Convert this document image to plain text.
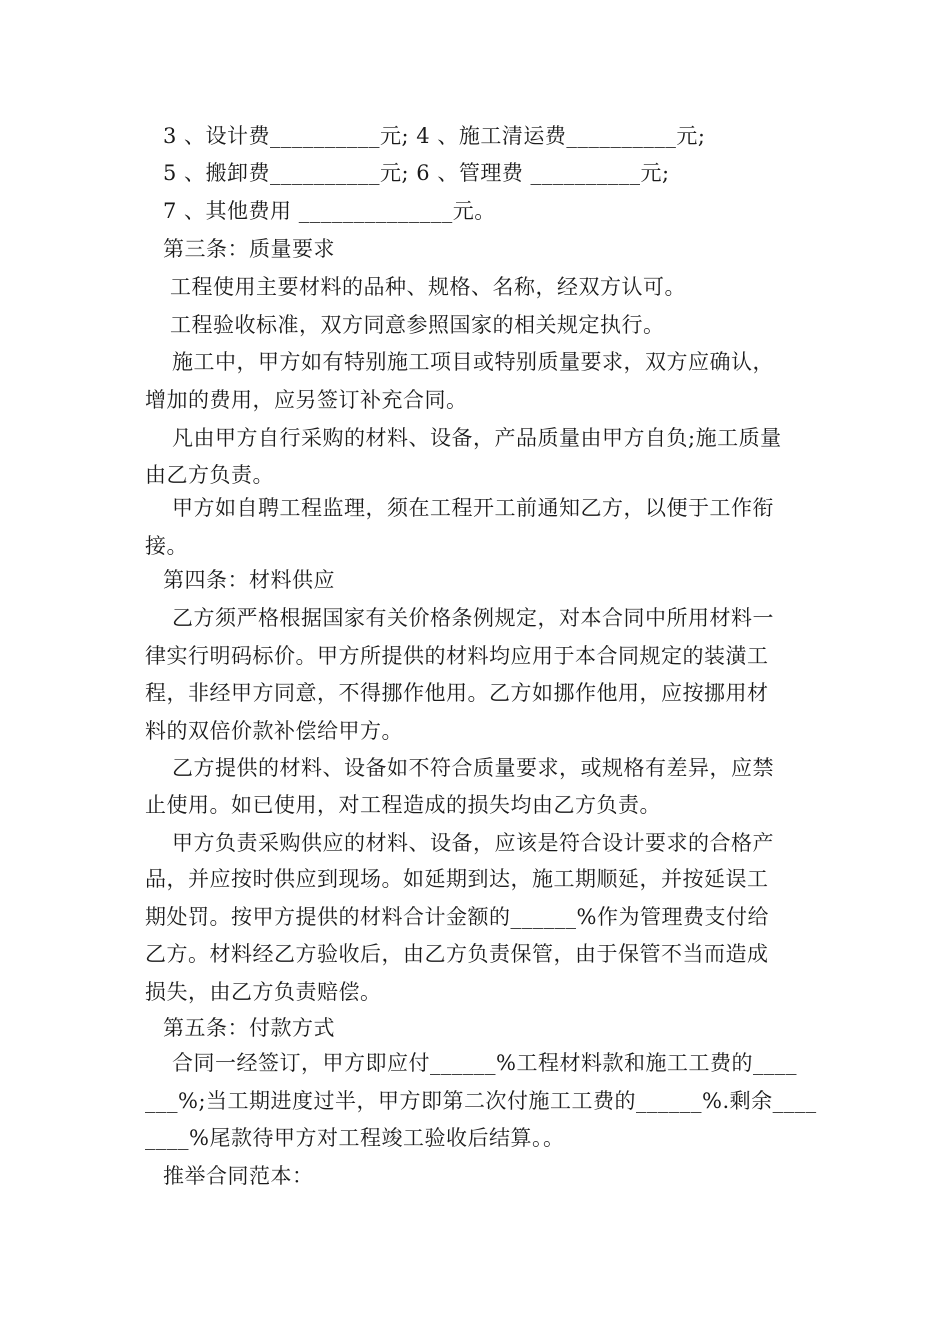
3 、设计费__________元; 4 、施工清运费__________元;
5 、搬卸费__________元; 6 、管理费 __________元;
7 、其他费用 ______________元。
第三条：质量要求
工程使用主要材料的品种、规格、名称，经双方认可。
工程验收标准，双方同意参照国家的相关规定执行。
施工中，甲方如有特别施工项目或特别质量要求，双方应确认，
增加的费用，应另签订补充合同。
凡由甲方自行采购的材料、设备，产品质量由甲方自负;施工质量
由乙方负责。
甲方如自聘工程监理，须在工程开工前通知乙方，以便于工作衔
接。
第四条：材料供应
乙方须严格根据国家有关价格条例规定，对本合同中所用材料一
律实行明码标价。甲方所提供的材料均应用于本合同规定的装潢工
程，非经甲方同意，不得挪作他用。乙方如挪作他用，应按挪用材
料的双倍价款补偿给甲方。
乙方提供的材料、设备如不符合质量要求，或规格有差异，应禁
止使用。如已使用，对工程造成的损失均由乙方负责。
甲方负责采购供应的材料、设备，应该是符合设计要求的合格产
品，并应按时供应到现场。如延期到达，施工期顺延，并按延误工
期处罚。按甲方提供的材料合计金额的______%作为管理费支付给
乙方。材料经乙方验收后，由乙方负责保管，由于保管不当而造成
损失，由乙方负责赔偿。
第五条：付款方式
合同一经签订，甲方即应付______%工程材料款和施工工费的____
___%;当工期进度过半，甲方即第二次付施工工费的______%.剩余____
____%尾款待甲方对工程竣工验收后结算。。
推举合同范本：
